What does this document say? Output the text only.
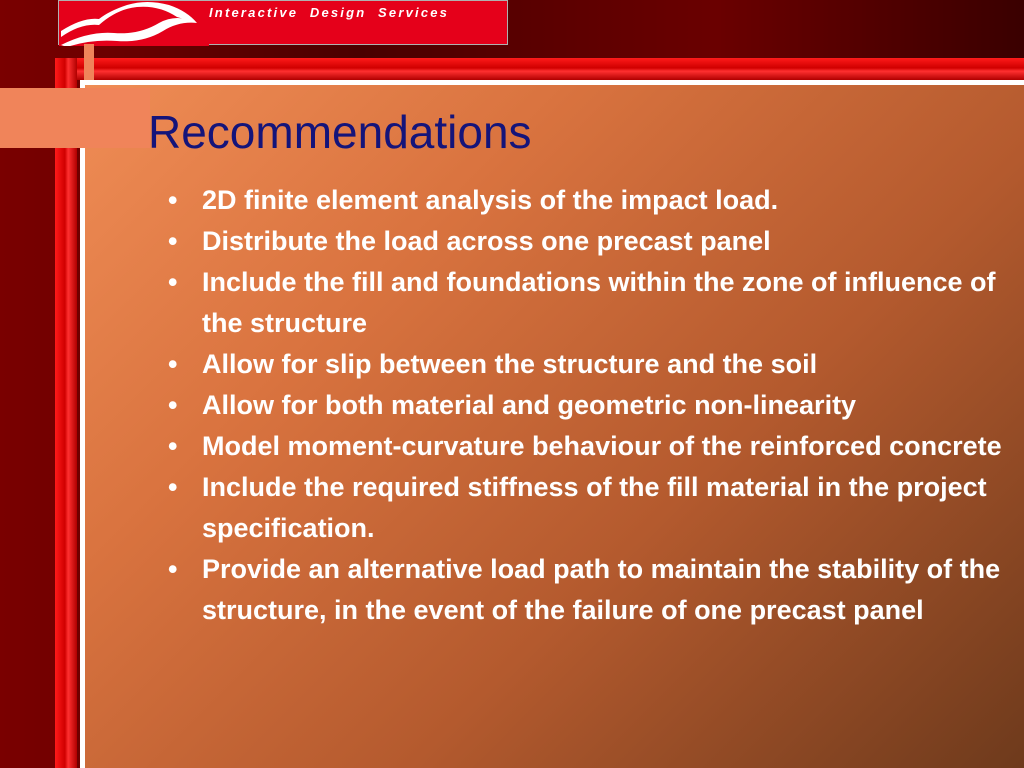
Interactive  Design  Services
Recommendations
• 2D finite element analysis of the impact load.
• Distribute the load across one precast panel
• Include the fill and foundations within the zone of influence of the structure
• Allow for slip between the structure and the soil
• Allow for both material and geometric non-linearity
• Model moment-curvature behaviour of the reinforced concrete
• Include the required stiffness of the fill material in the project specification.
• Provide an alternative load path to maintain the stability of the structure, in the event of the failure of one precast panel
